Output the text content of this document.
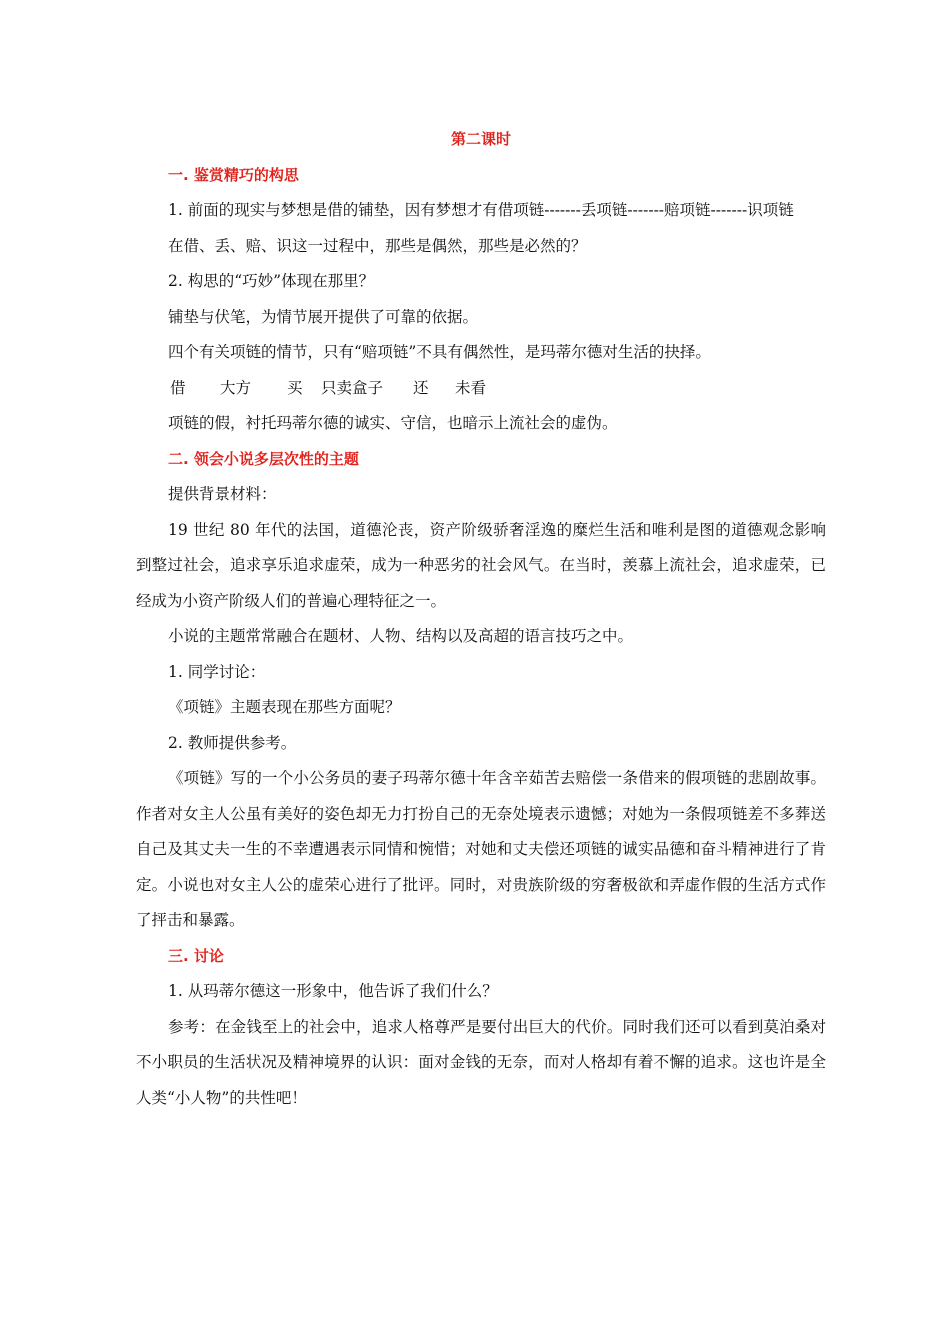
第二课时
一. 鉴赏精巧的构思

1. 前面的现实与梦想是借的铺垫，因有梦想才有借项链-------丢项链-------赔项链-------识项链

在借、丢、赔、识这一过程中，那些是偶然，那些是必然的？

2. 构思的“巧妙”体现在那里？

铺垫与伏笔，为情节展开提供了可靠的依据。

四个有关项链的情节，只有“赔项链”不具有偶然性，是玛蒂尔德对生活的抉择。

借 大方 买 只卖盒子 还 未看

项链的假，衬托玛蒂尔德的诚实、守信，也暗示上流社会的虚伪。

二. 领会小说多层次性的主题

提供背景材料：

19 世纪 80 年代的法国，道德沦丧，资产阶级骄奢淫逸的糜烂生活和唯利是图的道德观念影响到整过社会，追求享乐追求虚荣，成为一种恶劣的社会风气。在当时，羡慕上流社会，追求虚荣，已经成为小资产阶级人们的普遍心理特征之一。

小说的主题常常融合在题材、人物、结构以及高超的语言技巧之中。

1. 同学讨论：

《项链》主题表现在那些方面呢？

2. 教师提供参考。

《项链》写的一个小公务员的妻子玛蒂尔德十年含辛茹苦去赔偿一条借来的假项链的悲剧故事。作者对女主人公虽有美好的姿色却无力打扮自己的无奈处境表示遗憾；对她为一条假项链差不多葬送自己及其丈夫一生的不幸遭遇表示同情和惋惜；对她和丈夫偿还项链的诚实品德和奋斗精神进行了肯定。小说也对女主人公的虚荣心进行了批评。同时，对贵族阶级的穷奢极欲和弄虚作假的生活方式作了抨击和暴露。

三. 讨论

1. 从玛蒂尔德这一形象中，他告诉了我们什么？

参考：在金钱至上的社会中，追求人格尊严是要付出巨大的代价。同时我们还可以看到莫泊桑对不小职员的生活状况及精神境界的认识：面对金钱的无奈，而对人格却有着不懈的追求。这也许是全人类“小人物”的共性吧！
